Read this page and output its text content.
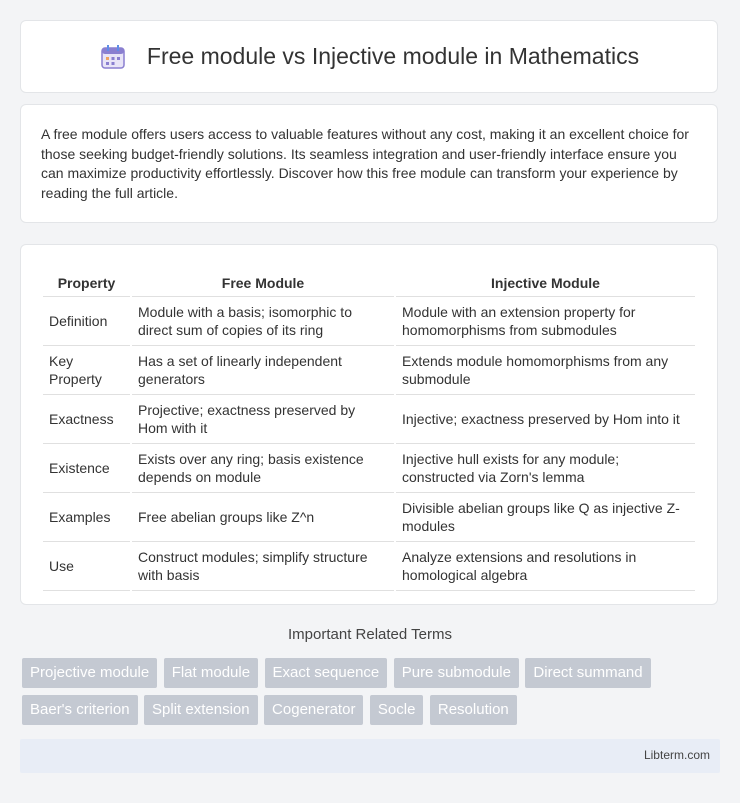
Free module vs Injective module in Mathematics

A free module offers users access to valuable features without any cost, making it an excellent choice for those seeking budget-friendly solutions. Its seamless integration and user-friendly interface ensure you can maximize productivity effortlessly. Discover how this free module can transform your experience by reading the full article.

Property	Free Module	Injective Module
Definition	Module with a basis; isomorphic to direct sum of copies of its ring	Module with an extension property for homomorphisms from submodules
Key Property	Has a set of linearly independent generators	Extends module homomorphisms from any submodule
Exactness	Projective; exactness preserved by Hom with it	Injective; exactness preserved by Hom into it
Existence	Exists over any ring; basis existence depends on module	Injective hull exists for any module; constructed via Zorn's lemma
Examples	Free abelian groups like Z^n	Divisible abelian groups like Q as injective Z-modules
Use	Construct modules; simplify structure with basis	Analyze extensions and resolutions in homological algebra
Important Related Terms
Projective module Flat module Exact sequence Pure submodule Direct summand Baer's criterion Split extension Cogenerator Socle Resolution
Libterm.com
